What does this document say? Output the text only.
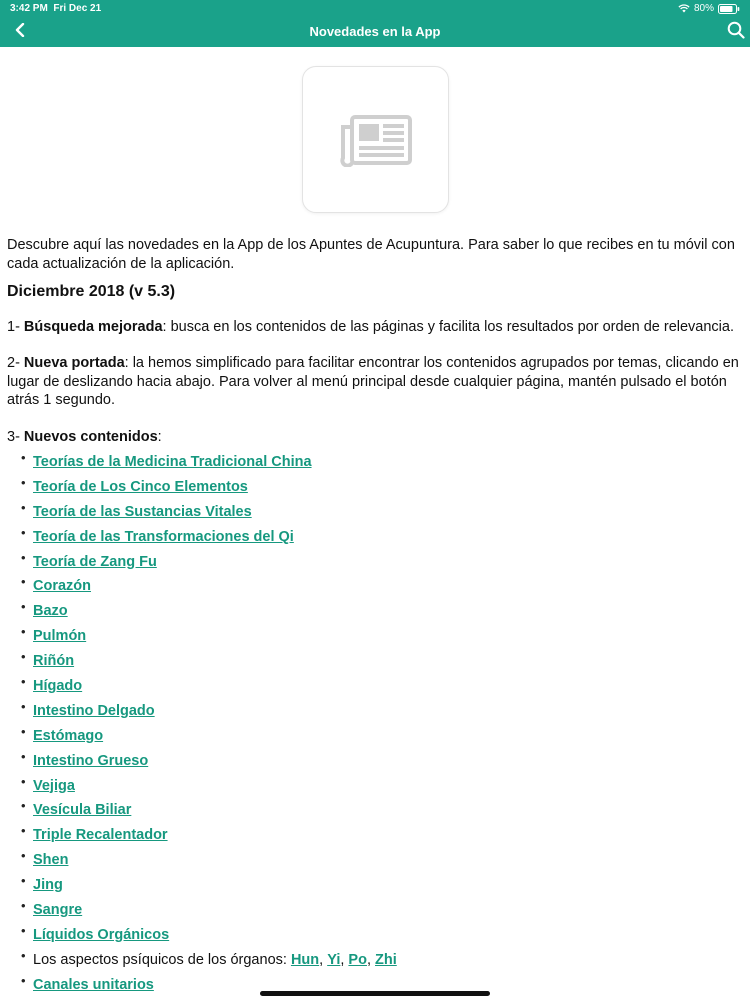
3:42 PM Fri Dec 21	80%
Novedades en la App

Descubre aquí las novedades en la App de los Apuntes de Acupuntura. Para saber lo que recibes en tu móvil con cada actualización de la aplicación.

Diciembre 2018 (v 5.3)

1- Búsqueda mejorada: busca en los contenidos de las páginas y facilita los resultados por orden de relevancia.

2- Nueva portada: la hemos simplificado para facilitar encontrar los contenidos agrupados por temas, clicando en lugar de deslizando hacia abajo. Para volver al menú principal desde cualquier página, mantén pulsado el botón atrás 1 segundo.

3- Nuevos contenidos:

• Teorías de la Medicina Tradicional China
• Teoría de Los Cinco Elementos
• Teoría de las Sustancias Vitales
• Teoría de las Transformaciones del Qi
• Teoría de Zang Fu
• Corazón
• Bazo
• Pulmón
• Riñón
• Hígado
• Intestino Delgado
• Estómago
• Intestino Grueso
• Vejiga
• Vesícula Biliar
• Triple Recalentador
• Shen
• Jing
• Sangre
• Líquidos Orgánicos
• Los aspectos psíquicos de los órganos: Hun, Yi, Po, Zhi
• Canales unitarios
